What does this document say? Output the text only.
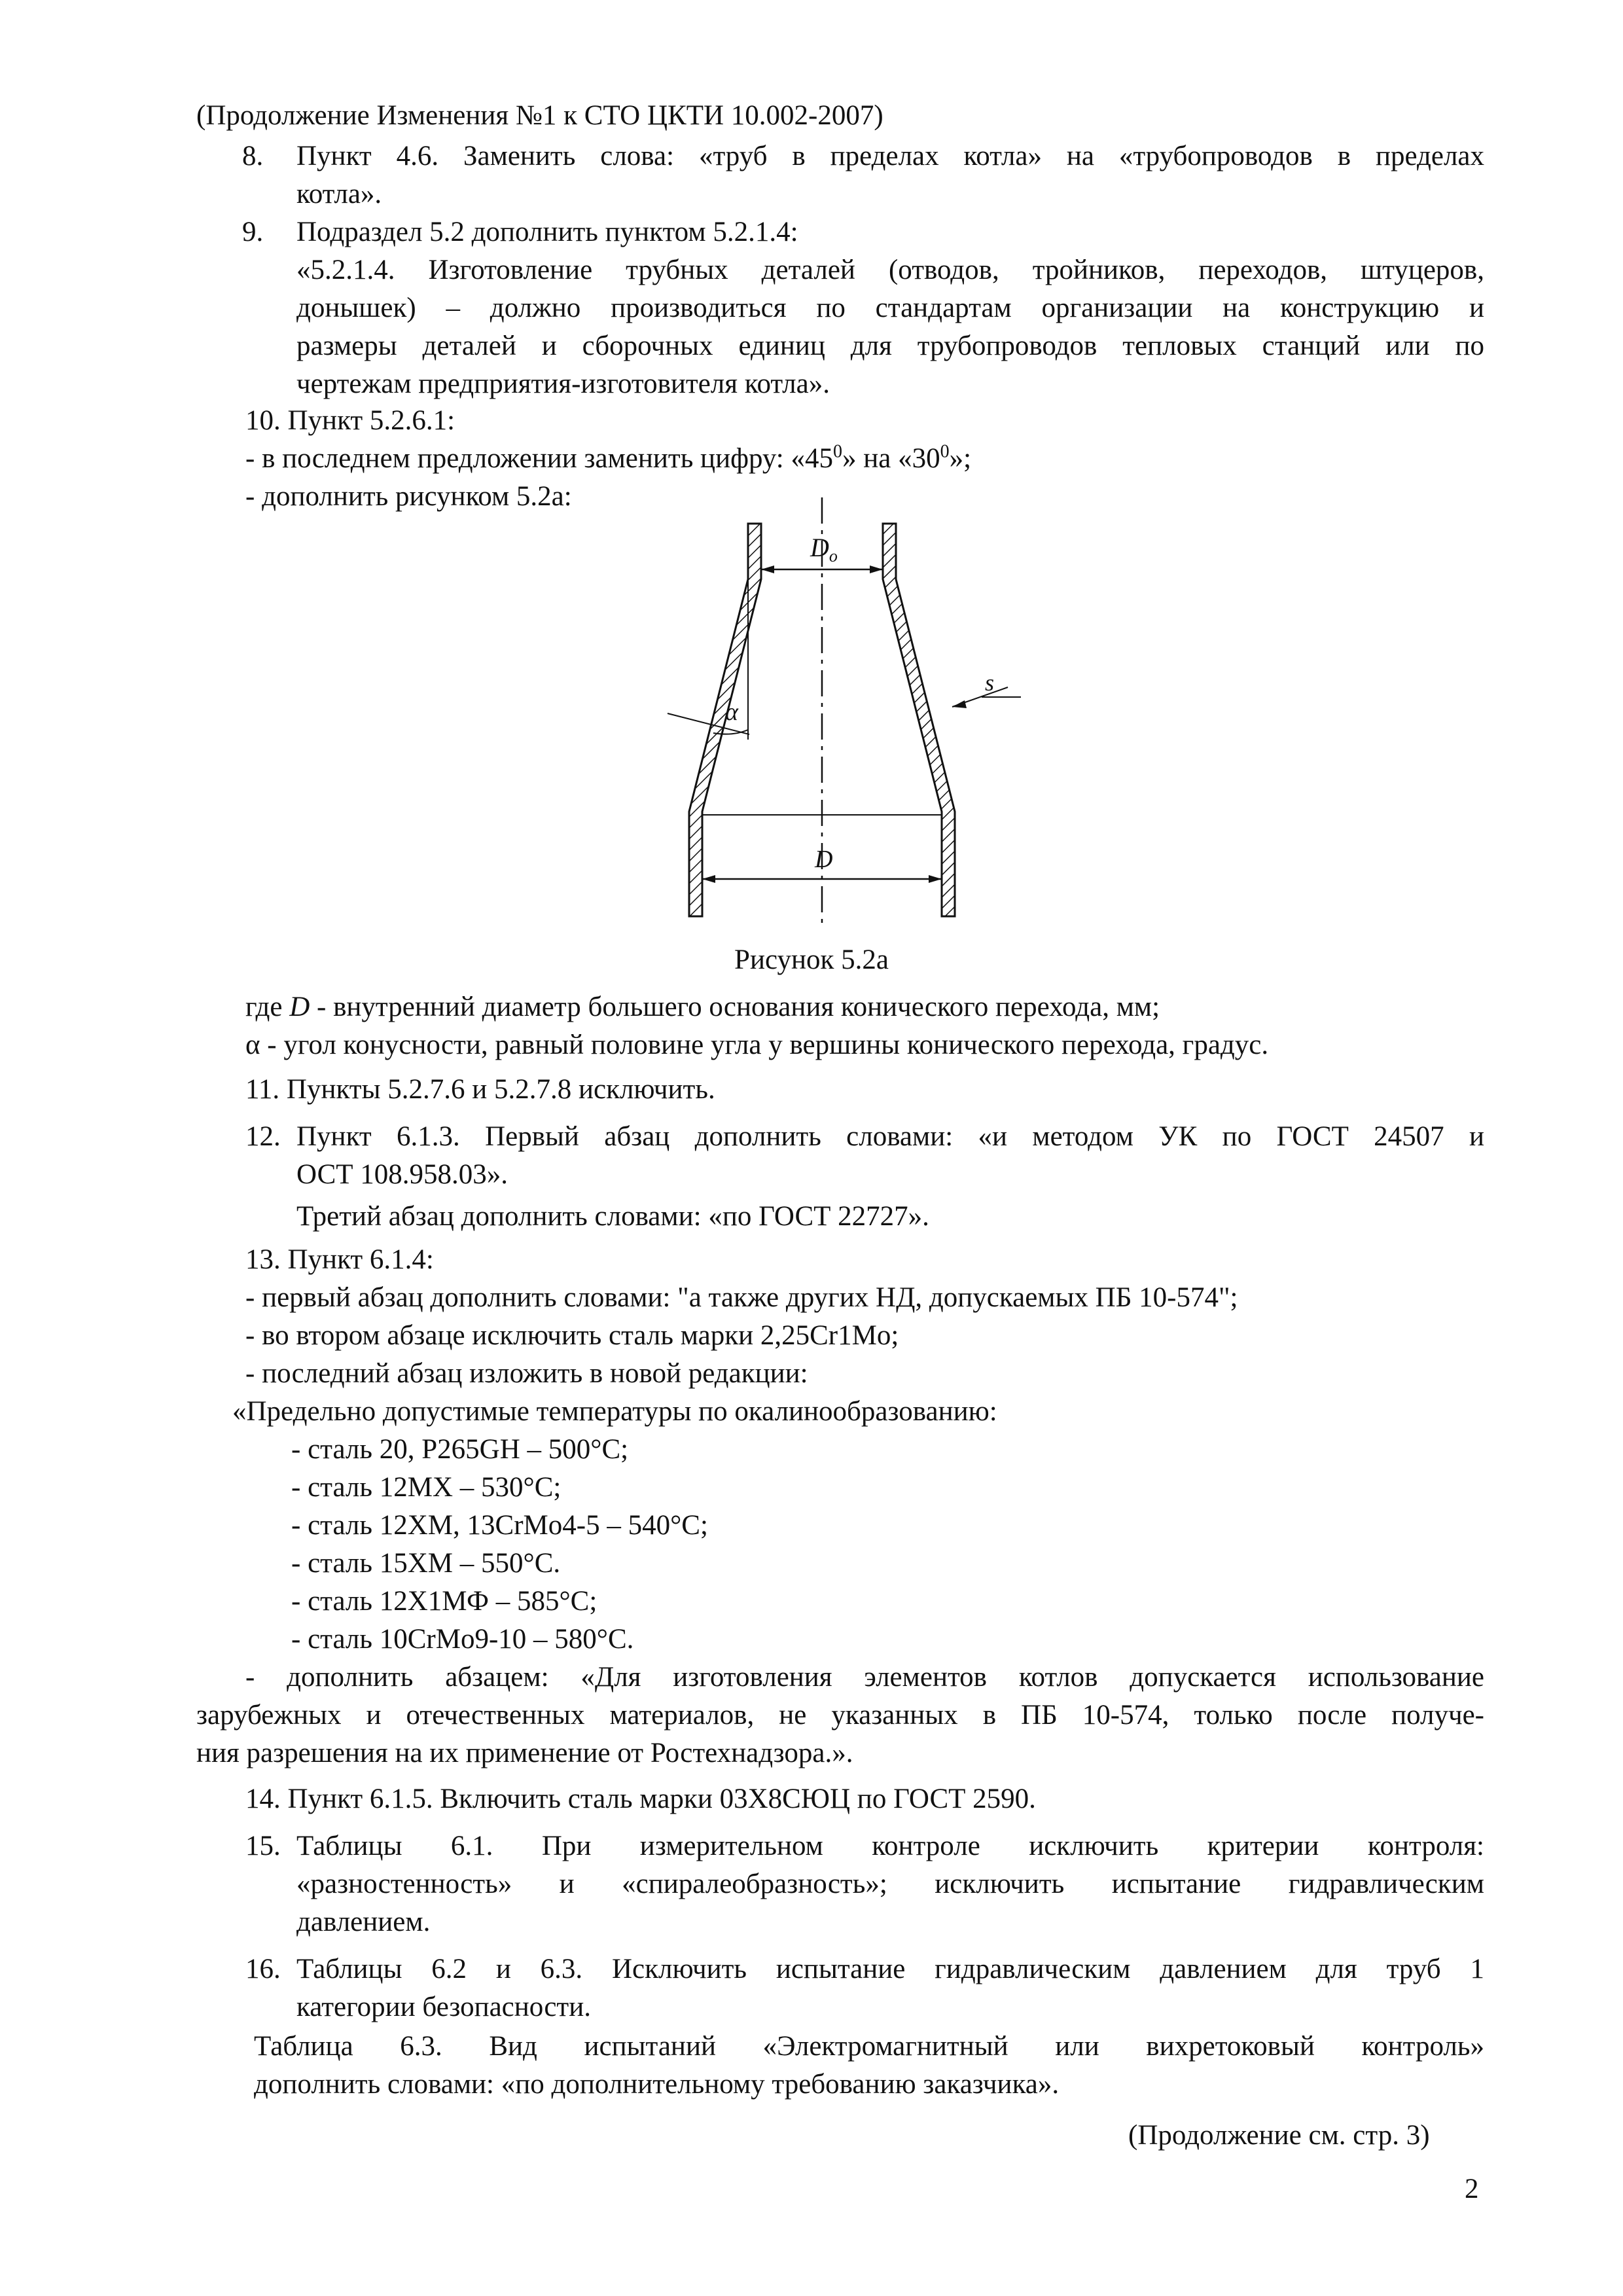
(Продолжение Изменения №1 к СТО ЦКТИ 10.002-2007)
8. Пункт 4.6. Заменить слова: «труб в пределах котла» на «трубопроводов в пределах
котла».
9. Подраздел 5.2 дополнить пунктом 5.2.1.4:
«5.2.1.4. Изготовление трубных деталей (отводов, тройников, переходов, штуцеров,
донышек) – должно производиться по стандартам организации на конструкцию и
размеры деталей и сборочных единиц для трубопроводов тепловых станций или по
чертежам предприятия-изготовителя котла».
10. Пункт 5.2.6.1:
- в последнем предложении заменить цифру: «$45^0$» на «$30^0$»;
- дополнить рисунком 5.2а:
$D_o$
D
α
s
Рисунок 5.2а
где D - внутренний диаметр большего основания конического перехода, мм;
α - угол конусности, равный половине угла у вершины конического перехода, градус.
11. Пункты 5.2.7.6 и 5.2.7.8 исключить.
12. Пункт 6.1.3. Первый абзац дополнить словами: «и методом УК по ГОСТ 24507 и
ОСТ 108.958.03».
Третий абзац дополнить словами: «по ГОСТ 22727».
13. Пункт 6.1.4:
- первый абзац дополнить словами: "а также других НД, допускаемых ПБ 10-574";
- во втором абзаце исключить сталь марки 2,25Cr1Mo;
- последний абзац изложить в новой редакции:
«Предельно допустимые температуры по окалинообразованию:
- сталь 20, P265GH – 500°C;
- сталь 12МХ – 530°C;
- сталь 12ХМ, 13CrMo4-5 – 540°C;
- сталь 15ХМ – 550°C.
- сталь 12Х1МФ – 585°C;
- сталь 10CrMo9-10 – 580°C.
- дополнить абзацем: «Для изготовления элементов котлов допускается использование
зарубежных и отечественных материалов, не указанных в ПБ 10-574, только после получе-
ния разрешения на их применение от Ростехнадзора.».
14. Пункт 6.1.5. Включить сталь марки 03Х8СЮЦ по ГОСТ 2590.
15. Таблицы 6.1. При измерительном контроле исключить критерии контроля:
«разностенность» и «спиралеобразность»; исключить испытание гидравлическим
давлением.
16. Таблицы 6.2 и 6.3. Исключить испытание гидравлическим давлением для труб 1
категории безопасности.
Таблица 6.3. Вид испытаний «Электромагнитный или вихретоковый контроль»
дополнить словами: «по дополнительному требованию заказчика».
(Продолжение см. стр. 3)
2
